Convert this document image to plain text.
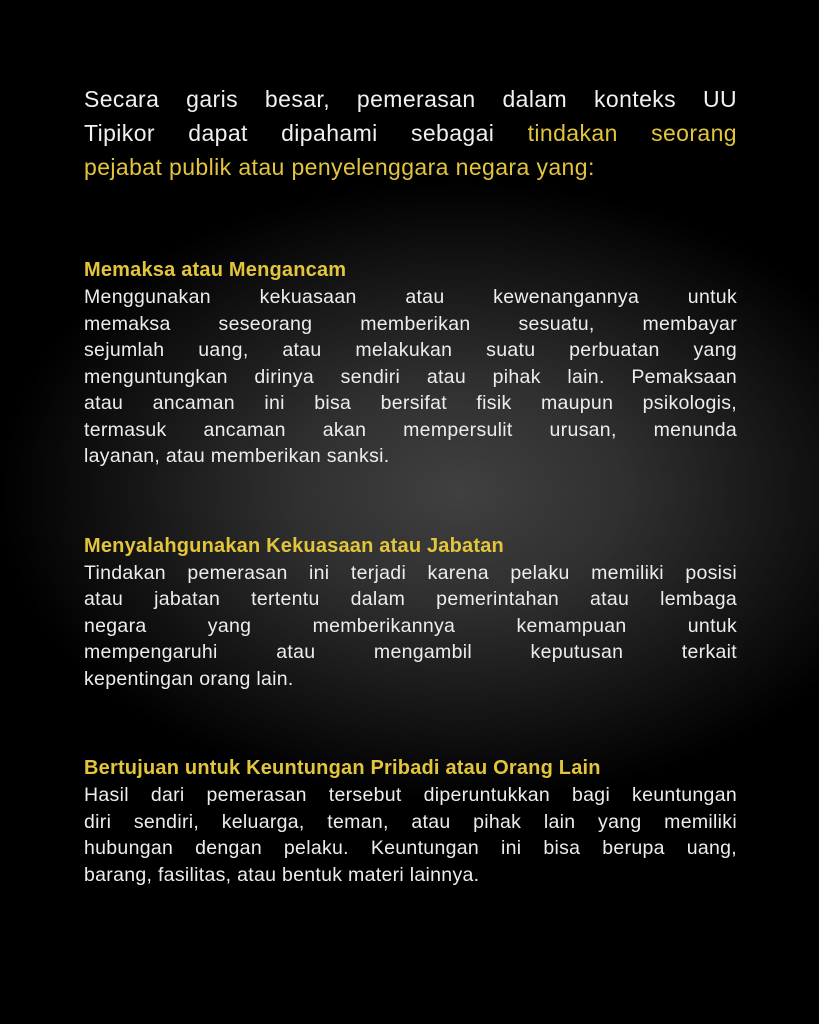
Secara garis besar, pemerasan dalam konteks UU
Tipikor dapat dipahami sebagai tindakan seorang
pejabat publik atau penyelenggara negara yang:
Memaksa atau Mengancam
Menggunakan kekuasaan atau kewenangannya untuk
memaksa seseorang memberikan sesuatu, membayar
sejumlah uang, atau melakukan suatu perbuatan yang
menguntungkan dirinya sendiri atau pihak lain. Pemaksaan
atau ancaman ini bisa bersifat fisik maupun psikologis,
termasuk ancaman akan mempersulit urusan, menunda
layanan, atau memberikan sanksi.
Menyalahgunakan Kekuasaan atau Jabatan
Tindakan pemerasan ini terjadi karena pelaku memiliki posisi
atau jabatan tertentu dalam pemerintahan atau lembaga
negara yang memberikannya kemampuan untuk
mempengaruhi atau mengambil keputusan terkait
kepentingan orang lain.
Bertujuan untuk Keuntungan Pribadi atau Orang Lain
Hasil dari pemerasan tersebut diperuntukkan bagi keuntungan
diri sendiri, keluarga, teman, atau pihak lain yang memiliki
hubungan dengan pelaku. Keuntungan ini bisa berupa uang,
barang, fasilitas, atau bentuk materi lainnya.
